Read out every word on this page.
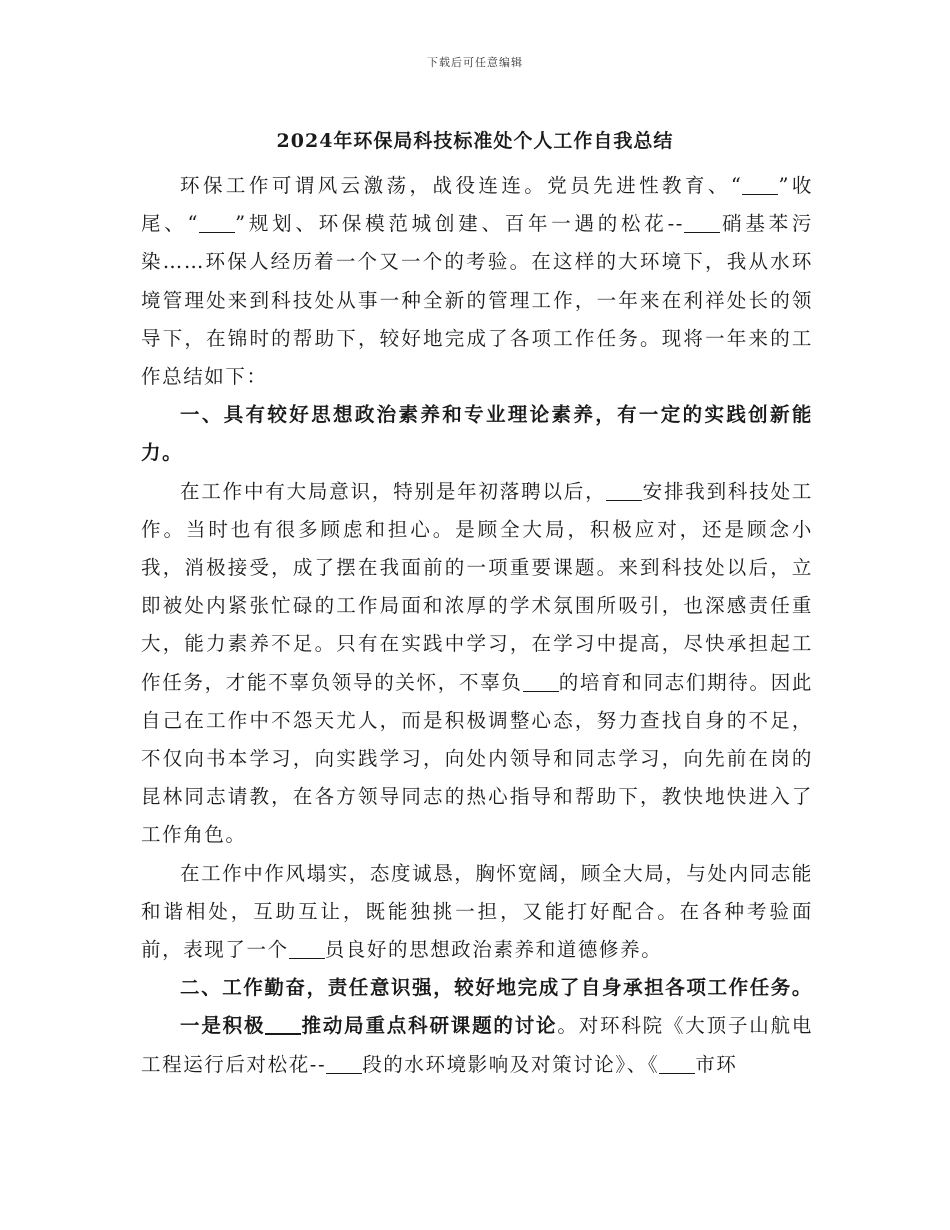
下载后可任意编辑
2024年环保局科技标准处个人工作自我总结

环保工作可谓风云激荡，战役连连。党员先进性教育、“ ”收尾、“ ”规划、环保模范城创建、百年一遇的松花-- 硝基苯污染……环保人经历着一个又一个的考验。在这样的大环境下，我从水环境管理处来到科技处从事一种全新的管理工作，一年来在利祥处长的领导下，在锦时的帮助下，较好地完成了各项工作任务。现将一年来的工作总结如下：

一、具有较好思想政治素养和专业理论素养，有一定的实践创新能力。

在工作中有大局意识，特别是年初落聘以后， 安排我到科技处工作。当时也有很多顾虑和担心。是顾全大局，积极应对，还是顾念小我，消极接受，成了摆在我面前的一项重要课题。来到科技处以后，立即被处内紧张忙碌的工作局面和浓厚的学术氛围所吸引，也深感责任重大，能力素养不足。只有在实践中学习，在学习中提高，尽快承担起工作任务，才能不辜负领导的关怀，不辜负 的培育和同志们期待。因此自己在工作中不怨天尤人，而是积极调整心态，努力查找自身的不足，不仅向书本学习，向实践学习，向处内领导和同志学习，向先前在岗的昆林同志请教，在各方领导同志的热心指导和帮助下，教快地快进入了工作角色。

在工作中作风塌实，态度诚恳，胸怀宽阔，顾全大局，与处内同志能和谐相处，互助互让，既能独挑一担，又能打好配合。在各种考验面前，表现了一个 员良好的思想政治素养和道德修养。

二、工作勤奋，责任意识强，较好地完成了自身承担各项工作任务。

一是积极 推动局重点科研课题的讨论。对环科院《大顶子山航电工程运行后对松花-- 段的水环境影响及对策讨论》、《 市环
